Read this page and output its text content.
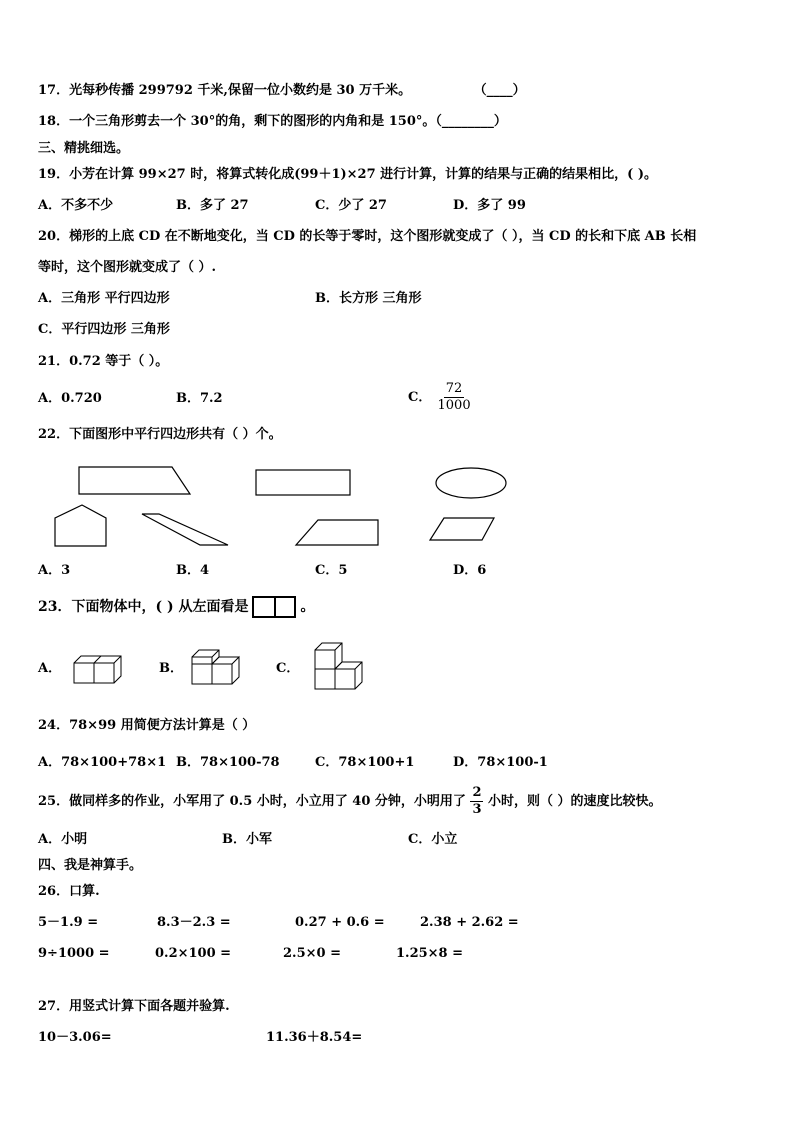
17．光每秒传播 299792 千米,保留一位小数约是 30 万千米。	（____）
18．一个三角形剪去一个 30°的角，剩下的图形的内角和是 150°。（________）
三、精挑细选。
19．小芳在计算 99×27 时，将算式转化成(99＋1)×27 进行计算，计算的结果与正确的结果相比，( )。
A．不多不少	B．多了 27	C．少了 27	D．多了 99
20．梯形的上底 CD 在不断地变化，当 CD 的长等于零时，这个图形就变成了（ ），当 CD 的长和下底 AB 长相
等时，这个图形就变成了（ ）.
A．三角形 平行四边形	B．长方形 三角形
C．平行四边形 三角形
21．0.72 等于（ ）。
A．0.720	B．7.2	C． $\frac{72}{1000}$
22．下面图形中平行四边形共有（ ）个。
A．3	B．4	C．5	D．6
23．下面物体中，( ) 从左面看是	。
A．	B．	C．
24．78×99 用简便方法计算是（ ）
A．78×100+78×1 B．78×100-78	C．78×100+1	D．78×100-1
25．做同样多的作业，小军用了 0.5 小时，小立用了 40 分钟，小明用了 $\frac{2}{3}$ 小时，则（ ）的速度比较快。
A．小明	B．小军	C．小立
四、我是神算手。
26．口算.
5－1.9 =	8.3－2.3 =	0.27 + 0.6 =	2.38 + 2.62 =
9÷1000 =	0.2×100 =	2.5×0 =	1.25×8 =
27．用竖式计算下面各题并验算.
10－3.06=	11.36＋8.54=
